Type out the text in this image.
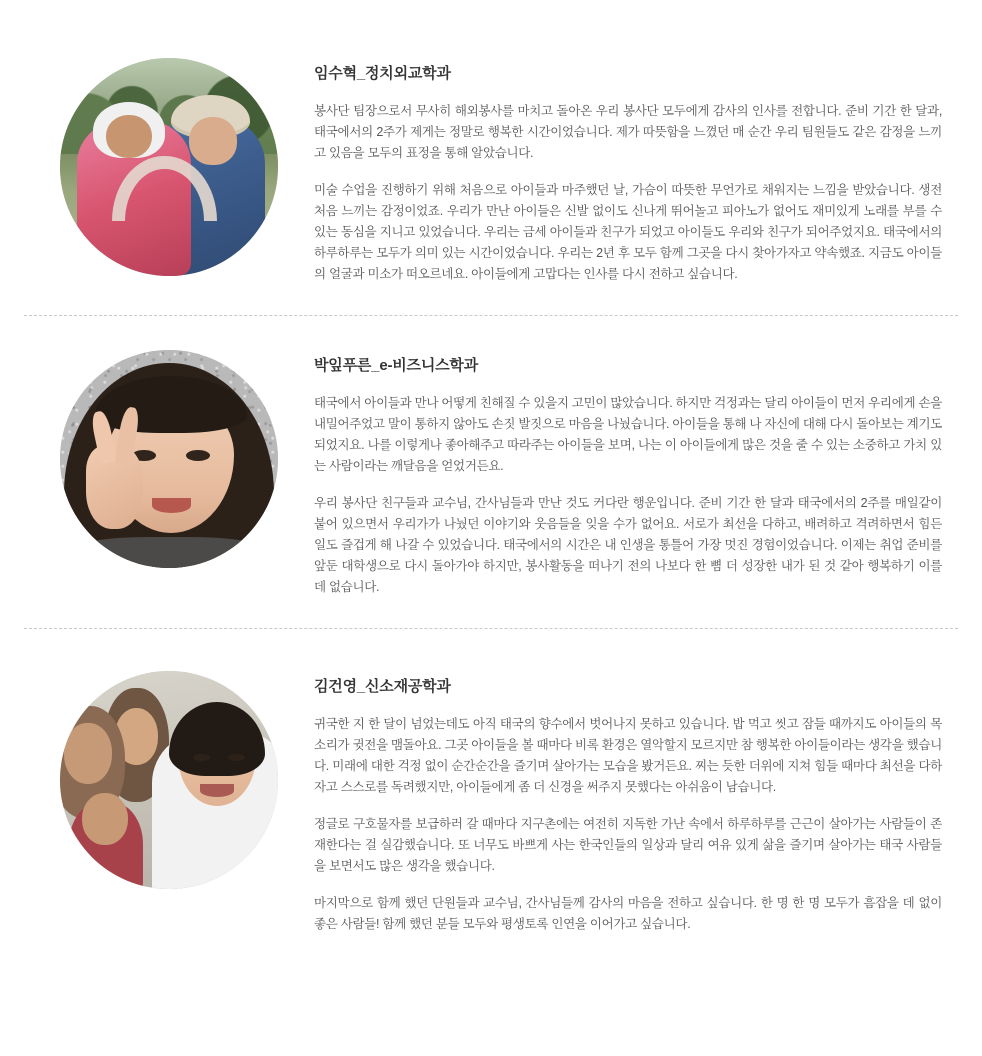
임수혁_정치외교학과

봉사단 팀장으로서 무사히 해외봉사를 마치고 돌아온 우리 봉사단 모두에게 감사의 인사를 전합니다. 준비 기간 한 달과, 태국에서의 2주가 제게는 정말로 행복한 시간이었습니다. 제가 따뜻함을 느꼈던 매 순간 우리 팀원들도 같은 감정을 느끼고 있음을 모두의 표정을 통해 알았습니다.

미술 수업을 진행하기 위해 처음으로 아이들과 마주했던 날, 가슴이 따뜻한 무언가로 채워지는 느낌을 받았습니다. 생전 처음 느끼는 감정이었죠. 우리가 만난 아이들은 신발 없이도 신나게 뛰어놀고 피아노가 없어도 재미있게 노래를 부를 수 있는 동심을 지니고 있었습니다. 우리는 금세 아이들과 친구가 되었고 아이들도 우리와 친구가 되어주었지요. 태국에서의 하루하루는 모두가 의미 있는 시간이었습니다. 우리는 2년 후 모두 함께 그곳을 다시 찾아가자고 약속했죠. 지금도 아이들의 얼굴과 미소가 떠오르네요. 아이들에게 고맙다는 인사를 다시 전하고 싶습니다.

박잎푸른_e-비즈니스학과

태국에서 아이들과 만나 어떻게 친해질 수 있을지 고민이 많았습니다. 하지만 걱정과는 달리 아이들이 먼저 우리에게 손을 내밀어주었고 말이 통하지 않아도 손짓 발짓으로 마음을 나눴습니다. 아이들을 통해 나 자신에 대해 다시 돌아보는 계기도 되었지요. 나를 이렇게나 좋아해주고 따라주는 아이들을 보며, 나는 이 아이들에게 많은 것을 줄 수 있는 소중하고 가치 있는 사람이라는 깨달음을 얻었거든요.

우리 봉사단 친구들과 교수님, 간사님들과 만난 것도 커다란 행운입니다. 준비 기간 한 달과 태국에서의 2주를 매일같이 붙어 있으면서 우리가가 나눴던 이야기와 웃음들을 잊을 수가 없어요. 서로가 최선을 다하고, 배려하고 격려하면서 힘든 일도 즐겁게 해 나갈 수 있었습니다. 태국에서의 시간은 내 인생을 통틀어 가장 멋진 경험이었습니다. 이제는 취업 준비를 앞둔 대학생으로 다시 돌아가야 하지만, 봉사활동을 떠나기 전의 나보다 한 뼘 더 성장한 내가 된 것 같아 행복하기 이를 데 없습니다.

김건영_신소재공학과

귀국한 지 한 달이 넘었는데도 아직 태국의 향수에서 벗어나지 못하고 있습니다. 밥 먹고 씻고 잠들 때까지도 아이들의 목소리가 귓전을 맴돌아요. 그곳 아이들을 볼 때마다 비록 환경은 열악할지 모르지만 참 행복한 아이들이라는 생각을 했습니다. 미래에 대한 걱정 없이 순간순간을 즐기며 살아가는 모습을 봤거든요. 찌는 듯한 더위에 지쳐 힘들 때마다 최선을 다하자고 스스로를 독려했지만, 아이들에게 좀 더 신경을 써주지 못했다는 아쉬움이 남습니다.

정글로 구호물자를 보급하러 갈 때마다 지구촌에는 여전히 지독한 가난 속에서 하루하루를 근근이 살아가는 사람들이 존재한다는 걸 실감했습니다. 또 너무도 바쁘게 사는 한국인들의 일상과 달리 여유 있게 삶을 즐기며 살아가는 태국 사람들을 보면서도 많은 생각을 했습니다.

마지막으로 함께 했던 단원들과 교수님, 간사님들께 감사의 마음을 전하고 싶습니다. 한 명 한 명 모두가 흠잡을 데 없이 좋은 사람들! 함께 했던 분들 모두와 평생토록 인연을 이어가고 싶습니다.
